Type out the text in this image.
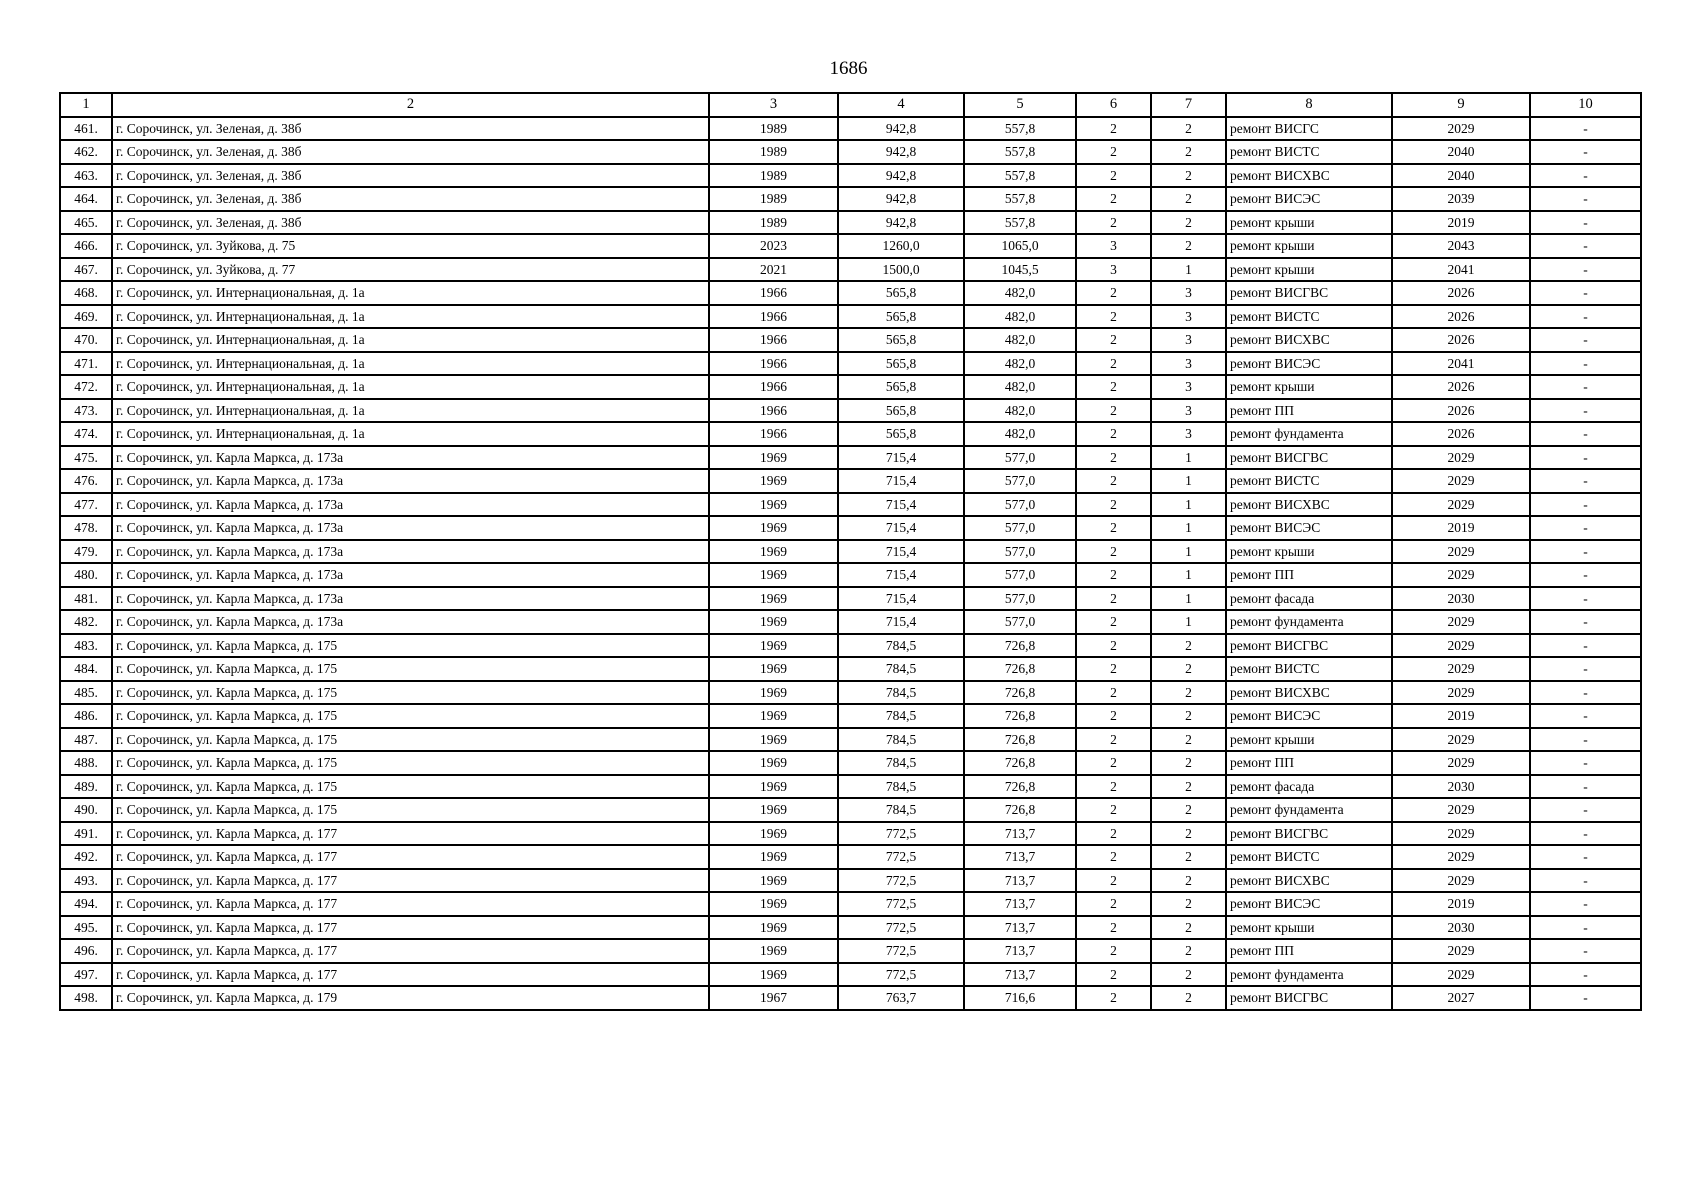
1686
1	2	3	4	5	6	7	8	9	10
461.	г. Сорочинск, ул. Зеленая, д. 38б	1989	942,8	557,8	2	2	ремонт ВИСГС	2029	-
462.	г. Сорочинск, ул. Зеленая, д. 38б	1989	942,8	557,8	2	2	ремонт ВИСТС	2040	-
463.	г. Сорочинск, ул. Зеленая, д. 38б	1989	942,8	557,8	2	2	ремонт ВИСХВС	2040	-
464.	г. Сорочинск, ул. Зеленая, д. 38б	1989	942,8	557,8	2	2	ремонт ВИСЭС	2039	-
465.	г. Сорочинск, ул. Зеленая, д. 38б	1989	942,8	557,8	2	2	ремонт крыши	2019	-
466.	г. Сорочинск, ул. Зуйкова, д. 75	2023	1260,0	1065,0	3	2	ремонт крыши	2043	-
467.	г. Сорочинск, ул. Зуйкова, д. 77	2021	1500,0	1045,5	3	1	ремонт крыши	2041	-
468.	г. Сорочинск, ул. Интернациональная, д. 1а	1966	565,8	482,0	2	3	ремонт ВИСГВС	2026	-
469.	г. Сорочинск, ул. Интернациональная, д. 1а	1966	565,8	482,0	2	3	ремонт ВИСТС	2026	-
470.	г. Сорочинск, ул. Интернациональная, д. 1а	1966	565,8	482,0	2	3	ремонт ВИСХВС	2026	-
471.	г. Сорочинск, ул. Интернациональная, д. 1а	1966	565,8	482,0	2	3	ремонт ВИСЭС	2041	-
472.	г. Сорочинск, ул. Интернациональная, д. 1а	1966	565,8	482,0	2	3	ремонт крыши	2026	-
473.	г. Сорочинск, ул. Интернациональная, д. 1а	1966	565,8	482,0	2	3	ремонт ПП	2026	-
474.	г. Сорочинск, ул. Интернациональная, д. 1а	1966	565,8	482,0	2	3	ремонт фундамента	2026	-
475.	г. Сорочинск, ул. Карла Маркса, д. 173а	1969	715,4	577,0	2	1	ремонт ВИСГВС	2029	-
476.	г. Сорочинск, ул. Карла Маркса, д. 173а	1969	715,4	577,0	2	1	ремонт ВИСТС	2029	-
477.	г. Сорочинск, ул. Карла Маркса, д. 173а	1969	715,4	577,0	2	1	ремонт ВИСХВС	2029	-
478.	г. Сорочинск, ул. Карла Маркса, д. 173а	1969	715,4	577,0	2	1	ремонт ВИСЭС	2019	-
479.	г. Сорочинск, ул. Карла Маркса, д. 173а	1969	715,4	577,0	2	1	ремонт крыши	2029	-
480.	г. Сорочинск, ул. Карла Маркса, д. 173а	1969	715,4	577,0	2	1	ремонт ПП	2029	-
481.	г. Сорочинск, ул. Карла Маркса, д. 173а	1969	715,4	577,0	2	1	ремонт фасада	2030	-
482.	г. Сорочинск, ул. Карла Маркса, д. 173а	1969	715,4	577,0	2	1	ремонт фундамента	2029	-
483.	г. Сорочинск, ул. Карла Маркса, д. 175	1969	784,5	726,8	2	2	ремонт ВИСГВС	2029	-
484.	г. Сорочинск, ул. Карла Маркса, д. 175	1969	784,5	726,8	2	2	ремонт ВИСТС	2029	-
485.	г. Сорочинск, ул. Карла Маркса, д. 175	1969	784,5	726,8	2	2	ремонт ВИСХВС	2029	-
486.	г. Сорочинск, ул. Карла Маркса, д. 175	1969	784,5	726,8	2	2	ремонт ВИСЭС	2019	-
487.	г. Сорочинск, ул. Карла Маркса, д. 175	1969	784,5	726,8	2	2	ремонт крыши	2029	-
488.	г. Сорочинск, ул. Карла Маркса, д. 175	1969	784,5	726,8	2	2	ремонт ПП	2029	-
489.	г. Сорочинск, ул. Карла Маркса, д. 175	1969	784,5	726,8	2	2	ремонт фасада	2030	-
490.	г. Сорочинск, ул. Карла Маркса, д. 175	1969	784,5	726,8	2	2	ремонт фундамента	2029	-
491.	г. Сорочинск, ул. Карла Маркса, д. 177	1969	772,5	713,7	2	2	ремонт ВИСГВС	2029	-
492.	г. Сорочинск, ул. Карла Маркса, д. 177	1969	772,5	713,7	2	2	ремонт ВИСТС	2029	-
493.	г. Сорочинск, ул. Карла Маркса, д. 177	1969	772,5	713,7	2	2	ремонт ВИСХВС	2029	-
494.	г. Сорочинск, ул. Карла Маркса, д. 177	1969	772,5	713,7	2	2	ремонт ВИСЭС	2019	-
495.	г. Сорочинск, ул. Карла Маркса, д. 177	1969	772,5	713,7	2	2	ремонт крыши	2030	-
496.	г. Сорочинск, ул. Карла Маркса, д. 177	1969	772,5	713,7	2	2	ремонт ПП	2029	-
497.	г. Сорочинск, ул. Карла Маркса, д. 177	1969	772,5	713,7	2	2	ремонт фундамента	2029	-
498.	г. Сорочинск, ул. Карла Маркса, д. 179	1967	763,7	716,6	2	2	ремонт ВИСГВС	2027	-
